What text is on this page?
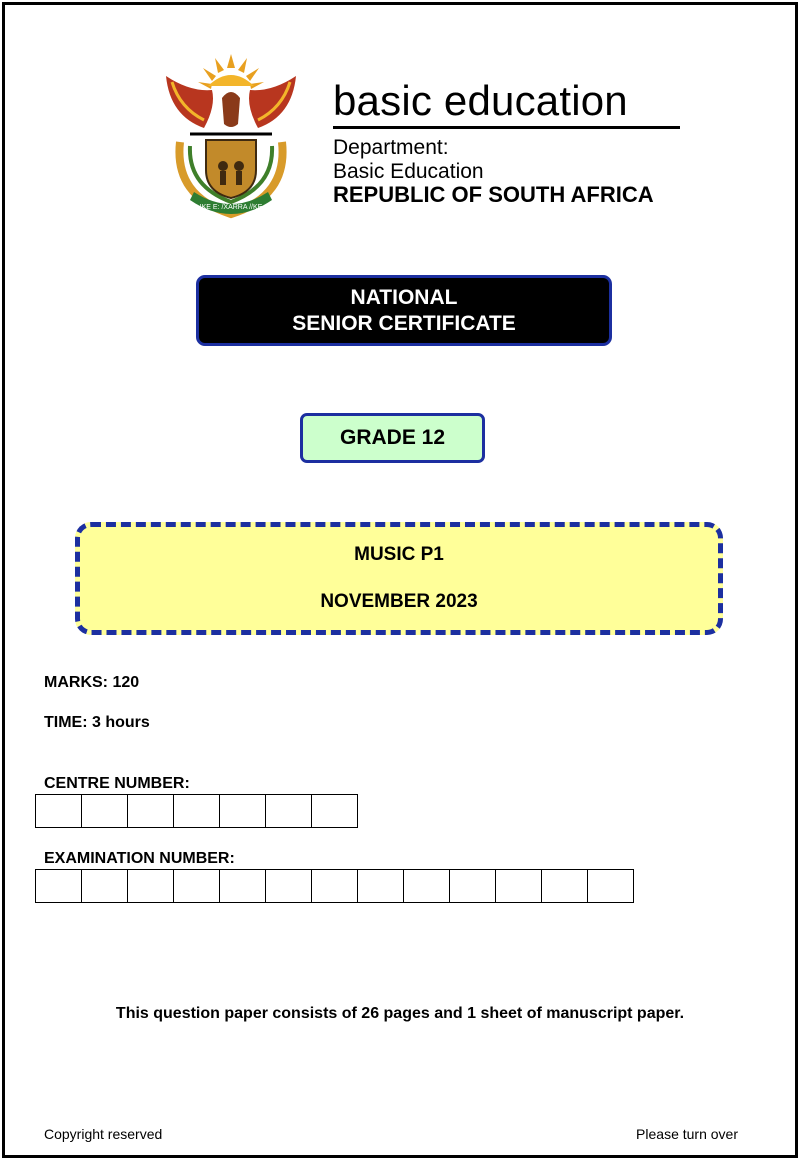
!KE E: /XARRA //KE
basic education
Department:
Basic Education
REPUBLIC OF SOUTH AFRICA
NATIONAL
SENIOR CERTIFICATE
GRADE 12
MUSIC P1
NOVEMBER 2023
MARKS: 120
TIME: 3 hours
CENTRE NUMBER:
EXAMINATION NUMBER:
This question paper consists of 26 pages and 1 sheet of manuscript paper.
Copyright reserved	Please turn over
